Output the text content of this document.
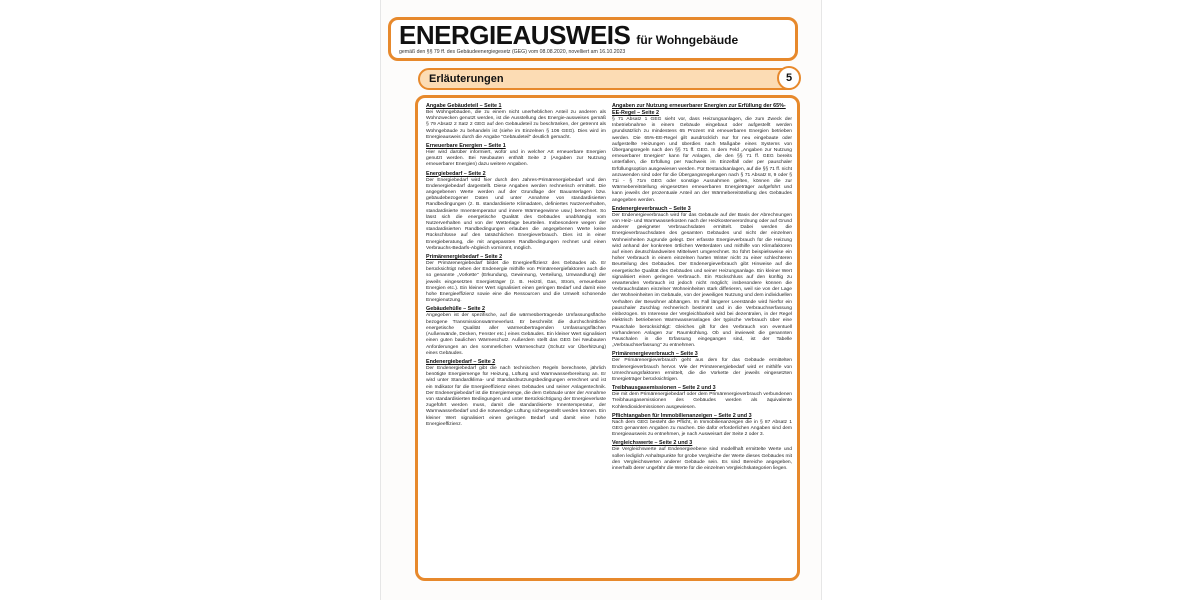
ENERGIEAUSWEIS für Wohngebäude
gemäß den §§ 79 ff. des Gebäudeenergiegesetz (GEG) vom 08.08.2020, novelliert am 16.10.2023
Erläuterungen	5
Angabe Gebäudeteil – Seite 1

Bei Wohngebäuden, die zu einem nicht unerheblichen Anteil zu anderen als Wohnzwecken genutzt werden, ist die Ausstellung des Energie-ausweises gemäß § 79 Absatz 2 Satz 2 GEG auf den Gebäudeteil zu beschränken, der getrennt als Wohngebäude zu behandeln ist (siehe im Einzelnen § 106 GEG). Dies wird im Energieausweis durch die Angabe "Gebäudeteil" deutlich gemacht.

Erneuerbare Energien – Seite 1

Hier wird darüber informiert, wofür und in welcher Art erneuerbare Energien genutzt werden. Bei Neubauten enthält Seite 2 (Angaben zur Nutzung erneuerbarer Energien) dazu weitere Angaben.

Energiebedarf – Seite 2

Der Energiebedarf wird hier durch den Jahres-Primärenergiebedarf und den Endenergiebedarf dargestellt. Diese Angaben werden rechnerisch ermittelt. Die angegebenen Werte werden auf der Grundlage der Bauunterlagen bzw. gebäudebezogener Daten und unter Annahme von standardisierten Randbedingungen (z. B. standardisierte Klimadaten, definiertes Nutzerverhalten, standardisierte Innentemperatur und innere Wärmegewinne usw.) berechnet. So lässt sich die energetische Qualität des Gebäudes unabhängig vom Nutzerverhalten und von der Wetterlage beurteilen. Insbesondere wegen der standardisierten Randbedingungen erlauben die angegebenen Werte keine Rückschlüsse auf den tatsächlichen Energieverbrauch. Dies ist in einer Energieberatung, die mit angepassten Randbedingungen rechnet und einen Verbrauchs-Bedarfs-Abgleich vornimmt, möglich.

Primärenergiebedarf – Seite 2

Der Primärenergiebedarf bildet die Energieeffizienz des Gebäudes ab. Er berücksichtigt neben der Endenergie mithilfe von Primärenergiefaktoren auch die so genannte „Vorkette" (Erkundung, Gewinnung, Verteilung, Umwandlung) der jeweils eingesetzten Energieträger (z. B. Heizöl, Gas, Strom, erneuerbare Energien etc.). Ein kleiner Wert signalisiert einen geringen Bedarf und damit eine hohe Energieeffizienz sowie eine die Ressourcen und die Umwelt schonende Energienutzung.

Gebäudehülle – Seite 2

Angegeben ist der spezifische, auf die wärmeübertragende Umfassungsfläche bezogene Transmissionswärmeverlust. Er beschreibt die durchschnittliche energetische Qualität aller wärmeübertragenden Umfassungsflächen (Außenwände, Decken, Fenster etc.) eines Gebäudes. Ein kleiner Wert signalisiert einen guten baulichen Wärmeschutz. Außerdem stellt das GEG bei Neubauten Anforderungen an den sommerlichen Wärmeschutz (Schutz vor Überhitzung) eines Gebäudes.

Endenergiebedarf – Seite 2

Der Endenergiebedarf gibt die nach technischen Regeln berechnete, jährlich benötigte Energiemenge für Heizung, Lüftung und Warmwasserbereitung an. Er wird unter Standardklima- und Standardnutzungsbedingungen errechnet und ist ein Indikator für die Energieeffizienz eines Gebäudes und seiner Anlagentechnik. Der Endenergiebedarf ist die Energiemenge, die dem Gebäude unter der Annahme von standardisierten Bedingungen und unter Berücksichtigung der Energieverluste zugeführt werden muss, damit die standardisierte Innentemperatur, der Warmwasserbedarf und die notwendige Lüftung sichergestellt werden können. Ein kleiner Wert signalisiert einen geringen Bedarf und damit eine hohe Energieeffizienz.

Angaben zur Nutzung erneuerbarer Energien zur Erfüllung der 65%-EE-Regel – Seite 2

§ 71 Absatz 1 GEG sieht vor, dass Heizungsanlagen, die zum Zweck der Inbetriebnahme in einem Gebäude eingebaut oder aufgestellt werden grundsätzlich zu mindestens 65 Prozent mit erneuerbaren Energien betrieben werden. Die 65%-EE-Regel gilt ausdrücklich nur für neu eingebaute oder aufgestellte Heizungen und überdies nach Maßgabe eines Systems von Übergangsregeln nach den §§ 71 ff. GEG. In dem Feld „Angaben zur Nutzung erneuerbarer Energien" kann für Anlagen, die den §§ 71 ff. GEG bereits unterfallen, die Erfüllung per Nachweis im Einzelfall oder per pauschaler Erfüllungsoption ausgewiesen werden. Für Bestandsanlagen, auf die §§ 71 ff. nicht anzuwenden sind oder für die Übergangsregelungen nach § 71 Absatz 8, 9 oder § 71i - § 71m GEG oder sonstige Ausnahmen gelten, können die zur Wärmebereitstellung eingesetzten erneuerbaren Energieträger aufgeführt und kann jeweils der prozentuale Anteil an der Wärmebereitstellung des Gebäudes angegeben werden.

Endenergieverbrauch – Seite 3

Der Endenergieverbrauch wird für das Gebäude auf der Basis der Abrechnungen von Heiz- und Warmwasserkosten nach der Heizkostenverordnung oder auf Grund anderer geeigneter Verbrauchsdaten ermittelt. Dabei werden die Energieverbrauchsdaten des gesamten Gebäudes und nicht der einzelnen Wohneinheiten zugrunde gelegt. Der erfasste Energieverbrauch für die Heizung wird anhand der konkreten örtlichen Wetterdaten und mithilfe von Klimafaktoren auf einen deutschlandweiten Mittelwert umgerechnet. So führt beispielsweise ein hoher Verbrauch in einem einzelnen harten Winter nicht zu einer schlechteren Beurteilung des Gebäudes. Der Endenergieverbrauch gibt Hinweise auf die energetische Qualität des Gebäudes und seiner Heizungsanlage. Ein kleiner Wert signalisiert einen geringen Verbrauch. Ein Rückschluss auf den künftig zu erwartenden Verbrauch ist jedoch nicht möglich; insbesondere können die Verbrauchsdaten einzelner Wohneinheiten stark differieren, weil sie von der Lage der Wohneinheiten im Gebäude, von der jeweiligen Nutzung und dem individuellen Verhalten der Bewohner abhängen. Im Fall längerer Leerstände wird hierfür ein pauschaler Zuschlag rechnerisch bestimmt und in die Verbrauchserfassung einbezogen. Im Interesse der Vergleichbarkeit wird bei dezentralen, in der Regel elektrisch betriebenen Warmwasseranlagen der typische Verbrauch über eine Pauschale berücksichtigt: Gleiches gilt für den Verbrauch von eventuell vorhandenen Anlagen zur Raumkühlung. Ob und inwieweit die genannten Pauschalen in die Erfassung eingegangen sind, ist der Tabelle „Verbrauchserfassung" zu entnehmen.

Primärenergieverbrauch – Seite 3

Der Primärenergieverbrauch geht aus dem für das Gebäude ermittelten Endenergieverbrauch hervor. Wie der Primärenergiebedarf wird er mithilfe von Umrechnungsfaktoren ermittelt, die die Vorkette der jeweils eingesetzten Energieträger berücksichtigen.

Treibhausgasemissionen – Seite 2 und 3

Die mit dem Primärenergiebedarf oder dem Primärenergieverbrauch verbundenen Treibhausgasemissionen des Gebäudes werden als äquivalente Kohlendioxidemissionen ausgewiesen.

Pflichtangaben für Immobilienanzeigen – Seite 2 und 3

Nach dem GEG besteht die Pflicht, in Immobilienanzeigen die in § 87 Absatz 1 GEG genannten Angaben zu machen. Die dafür erforderlichen Angaben sind dem Energieausweis zu entnehmen, je nach Ausweisart der Seite 2 oder 3.

Vergleichswerte – Seite 2 und 3

Die Vergleichswerte auf Endenergieebene sind modellhaft ermittelte Werte und sollen lediglich Anhaltspunkte für grobe Vergleiche der Werte dieses Gebäudes mit den Vergleichswerten anderer Gebäude sein. Es sind Bereiche angegeben, innerhalb derer ungefähr die Werte für die einzelnen Vergleichskategorien liegen.
